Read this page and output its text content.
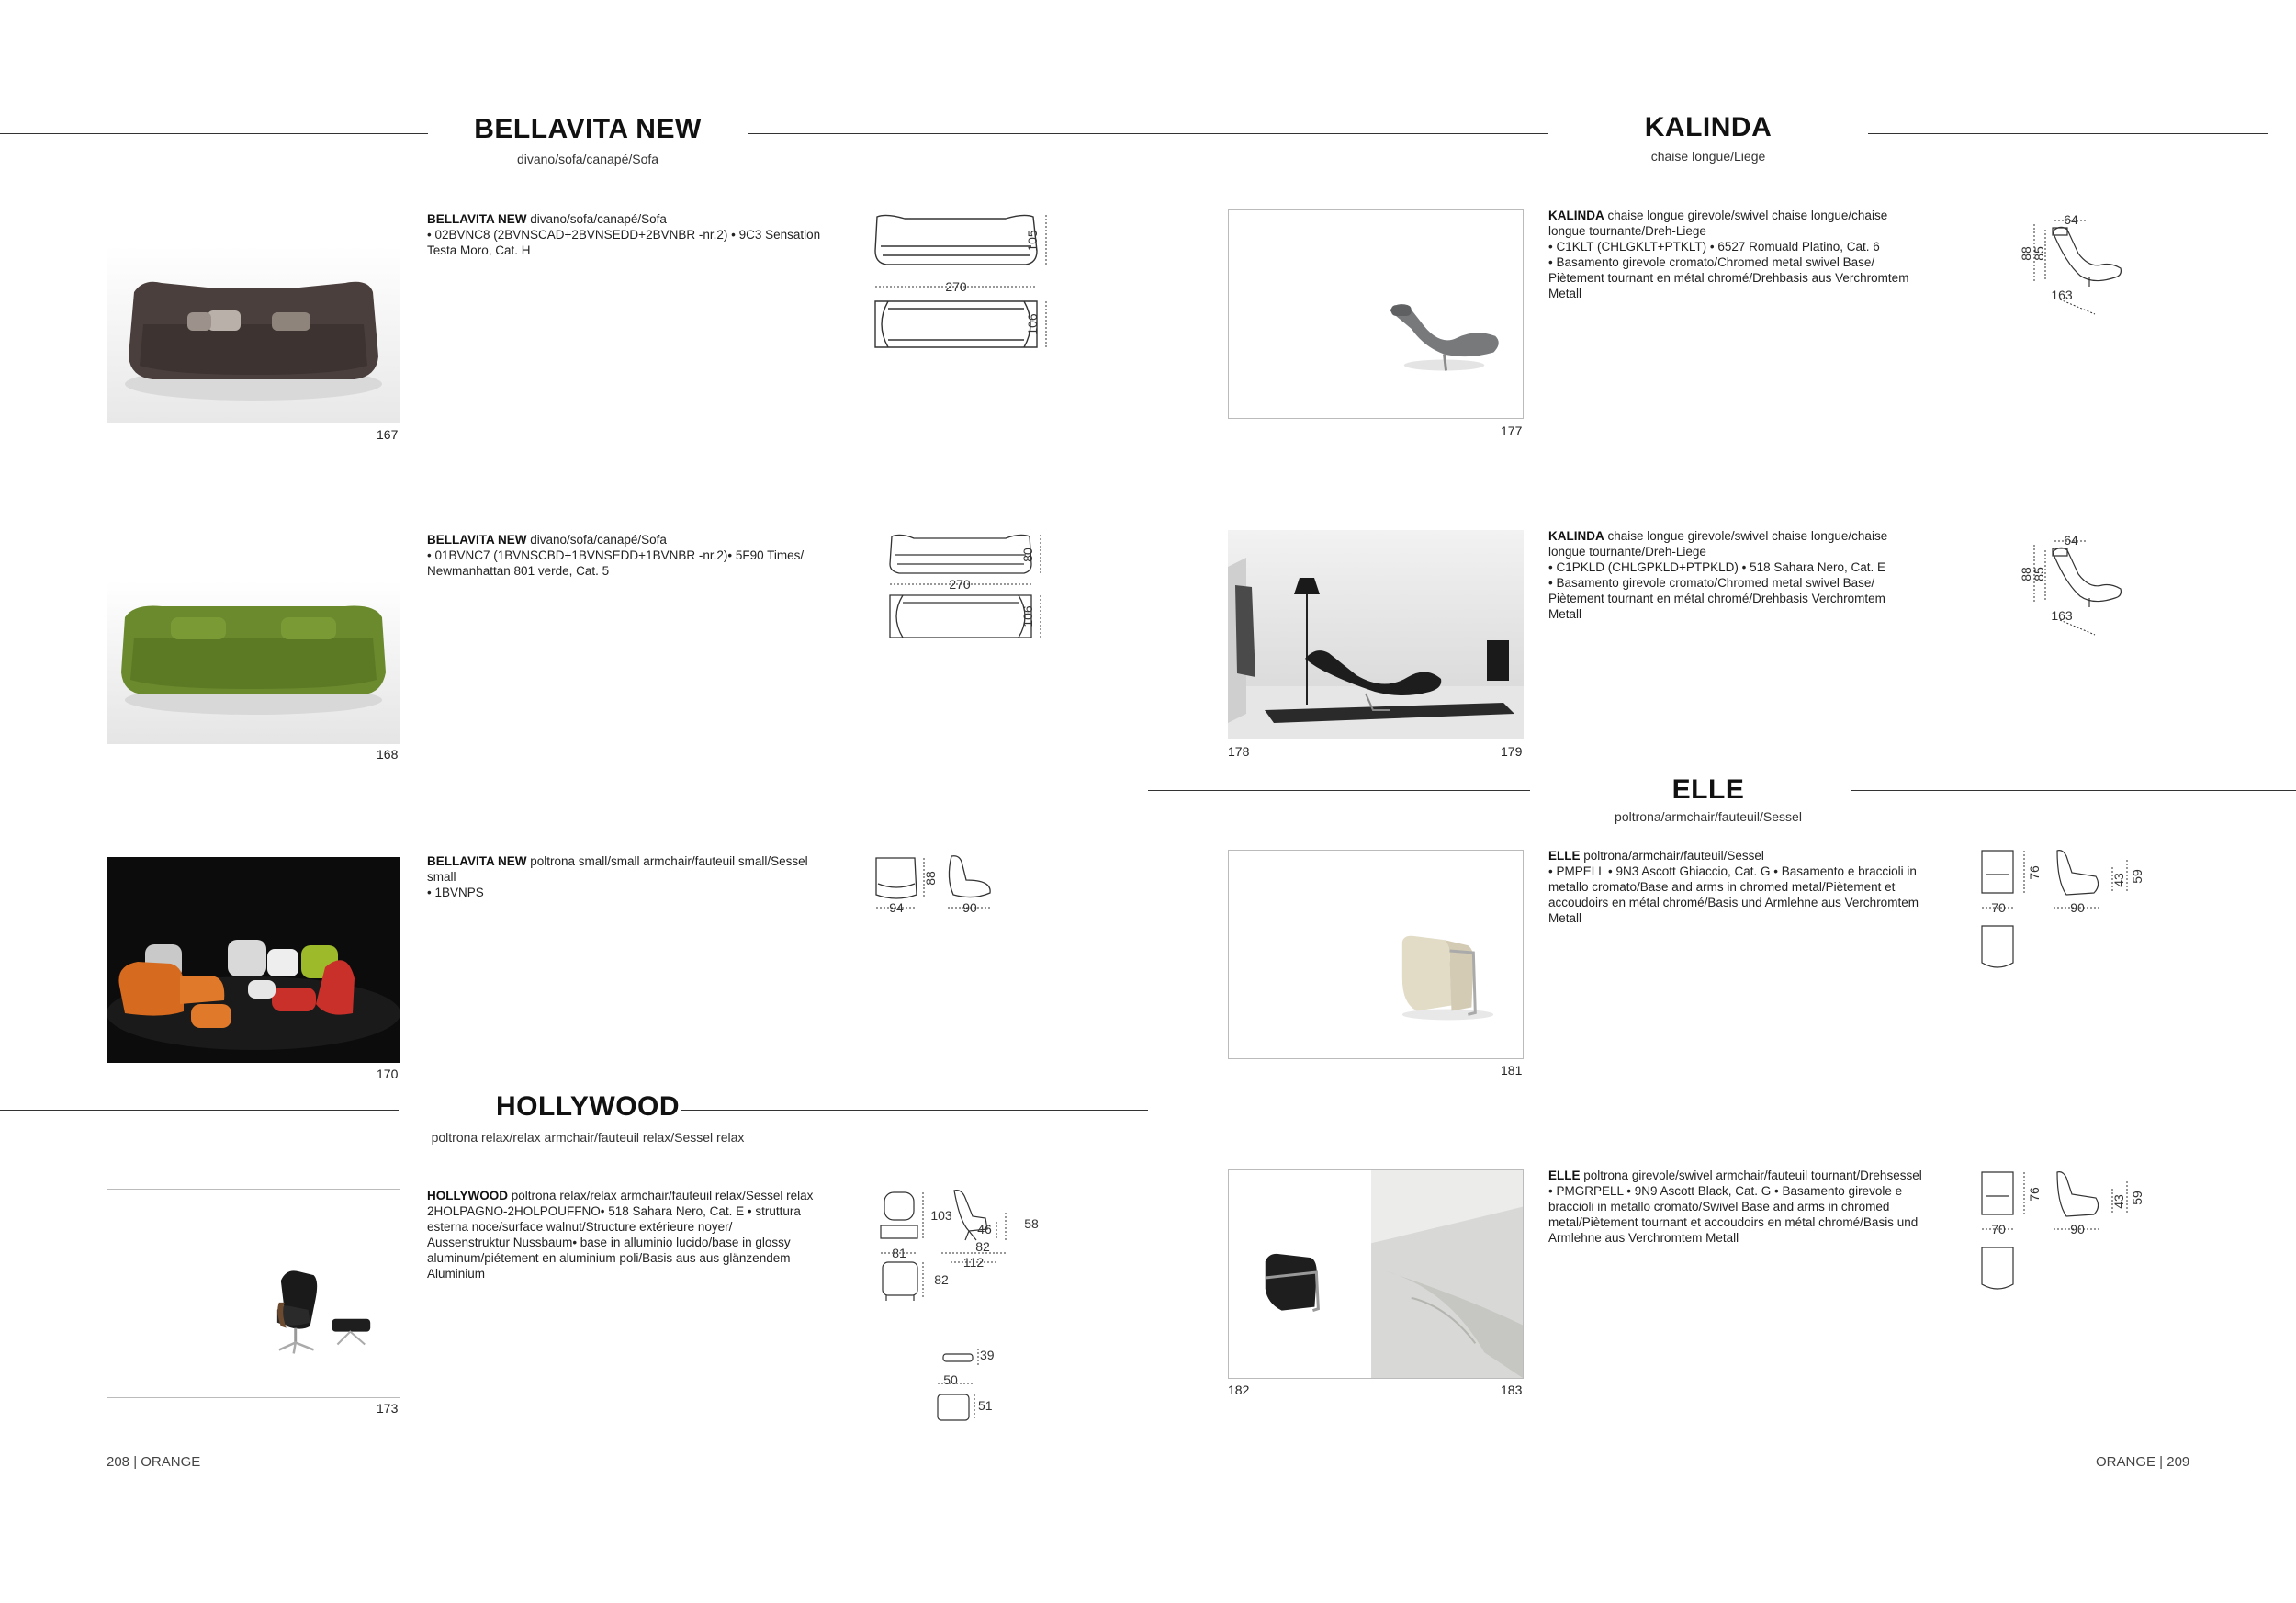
BELLAVITA NEW
divano/sofa/canapé/Sofa
167
BELLAVITA NEW divano/sofa/canapé/Sofa
• 02BVNC8 (2BVNSCAD+2BVNSEDD+2BVNBR -nr.2) • 9C3 Sensation
Testa Moro, Cat. H
270
105
106
168
BELLAVITA NEW divano/sofa/canapé/Sofa
• 01BVNC7 (1BVNSCBD+1BVNSEDD+1BVNBR -nr.2)• 5F90 Times/
Newmanhattan 801 verde, Cat. 5
270
80
106
170
BELLAVITA NEW poltrona small/small armchair/fauteuil small/Sessel
small
• 1BVNPS
94
88
90
HOLLYWOOD
poltrona relax/relax armchair/fauteuil relax/Sessel relax
173
HOLLYWOOD poltrona relax/relax armchair/fauteuil relax/Sessel relax
2HOLPAGNO-2HOLPOUFFNO• 518 Sahara Nero, Cat. E • struttura
esterna noce/surface walnut/Structure extérieure noyer/
Aussenstruktur Nussbaum• base in alluminio lucido/base in glossy
aluminum/piétement en aluminium poli/Basis aus aus glänzendem
Aluminium
103
81
82
46	58
82
112
39
50
51
208 | ORANGE
KALINDA
chaise longue/Liege
177
KALINDA chaise longue girevole/swivel chaise longue/chaise
longue tournante/Dreh-Liege
• C1KLT (CHLGKLT+PTKLT) • 6527 Romuald Platino, Cat. 6
• Basamento girevole cromato/Chromed metal swivel Base/
Piètement tournant en métal chromé/Drehbasis aus Verchromtem
Metall
64
88
85
163
178	179
KALINDA chaise longue girevole/swivel chaise longue/chaise
longue tournante/Dreh-Liege
• C1PKLD (CHLGPKLD+PTPKLD) • 518 Sahara Nero, Cat. E
• Basamento girevole cromato/Chromed metal swivel Base/
Piètement tournant en métal chromé/Drehbasis Verchromtem
Metall
64
88
85
163
ELLE
poltrona/armchair/fauteuil/Sessel
181
ELLE poltrona/armchair/fauteuil/Sessel
• PMPELL • 9N3 Ascott Ghiaccio, Cat. G • Basamento e braccioli in
metallo cromato/Base and arms in chromed metal/Piètement et
accoudoirs en métal chromé/Basis und Armlehne aus Verchromtem
Metall
70
76
90
43 59
182	183
ELLE poltrona girevole/swivel armchair/fauteuil tournant/Drehsessel
• PMGRPELL • 9N9 Ascott Black, Cat. G • Basamento girevole e
braccioli in metallo cromato/Swivel Base and arms in chromed
metal/Piètement tournant et accoudoirs en métal chromé/Basis und
Armlehne aus Verchromtem Metall
70
76
90
43 59
ORANGE | 209
